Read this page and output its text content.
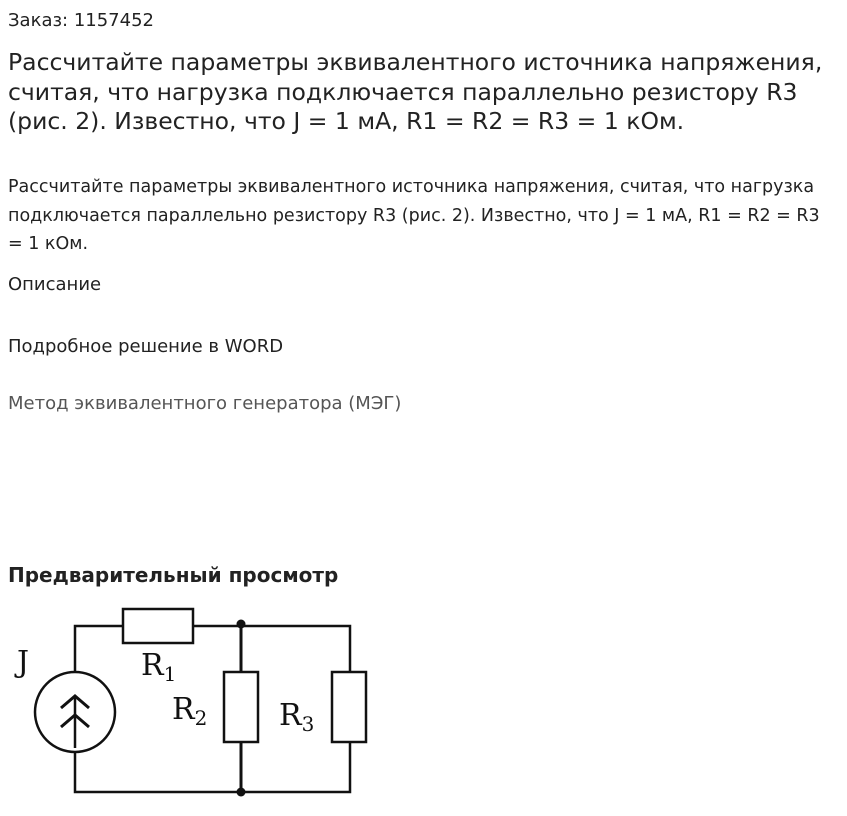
Заказ: 1157452
Рассчитайте параметры эквивалентного источника напряжения, считая, что нагрузка подключается параллельно резистору R3 (рис. 2). Известно, что J = 1 мА, R1 = R2 = R3 = 1 кОм.

Рассчитайте параметры эквивалентного источника напряжения, считая, что нагрузка подключается параллельно резистору R3 (рис. 2). Известно, что J = 1 мА, R1 = R2 = R3 = 1 кОм.

Описание
Подробное решение в WORD
Метод эквивалентного генератора (МЭГ)
Предварительный просмотр
J	$R_1$
$R_2$ $R_3$
